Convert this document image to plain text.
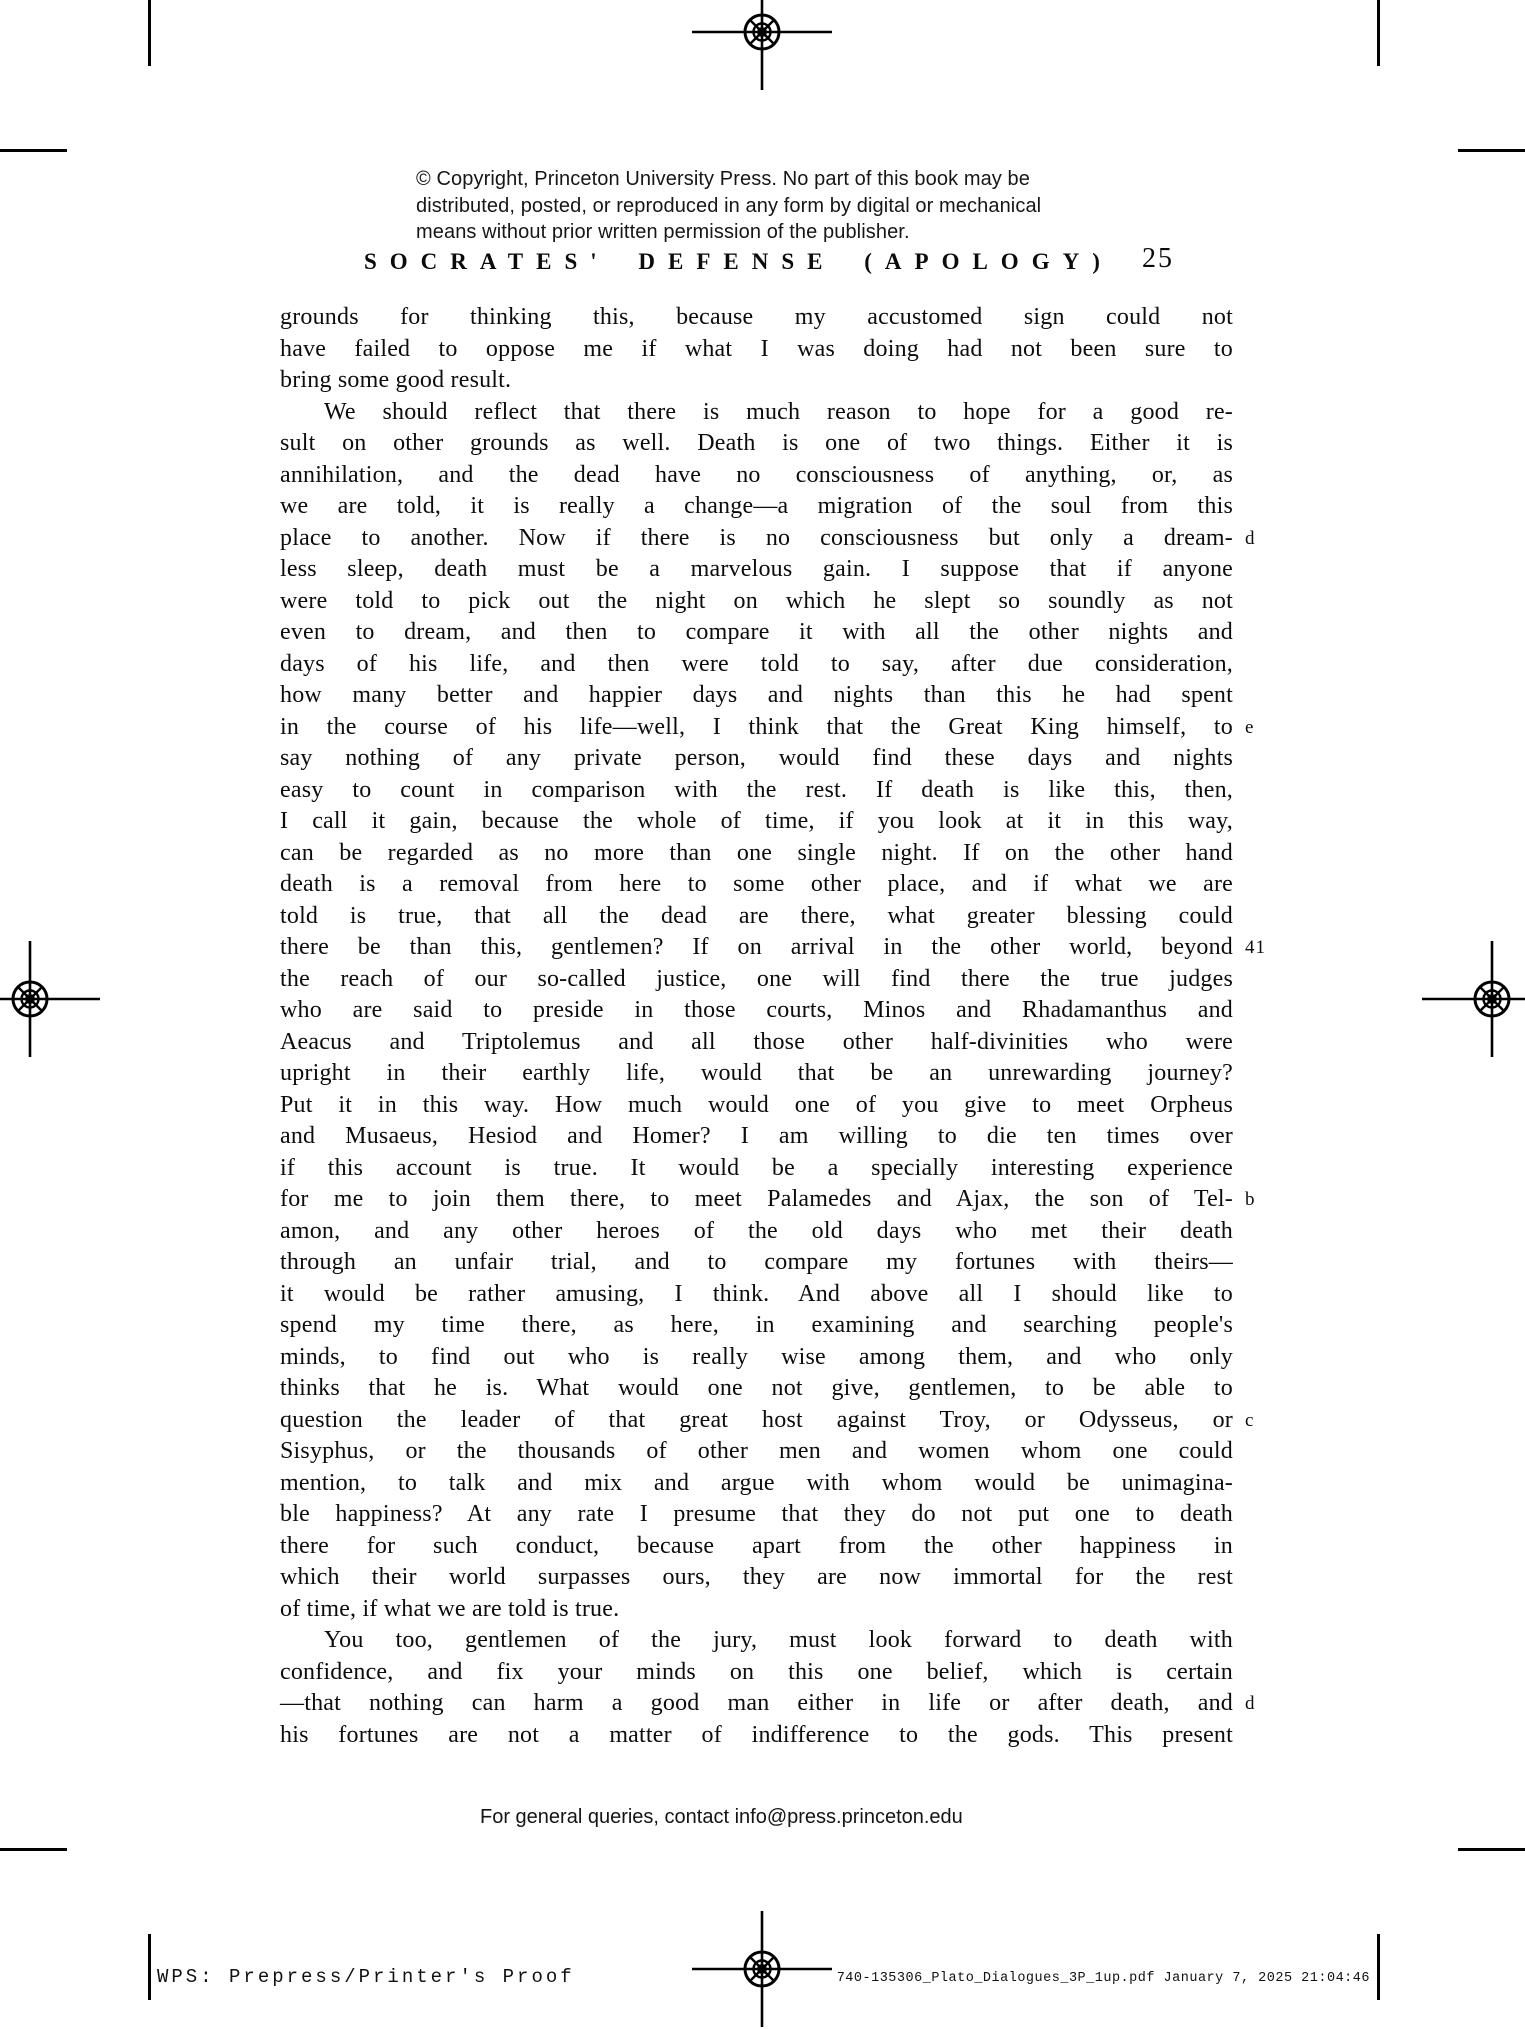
© Copyright, Princeton University Press. No part of this book may be
distributed, posted, or reproduced in any form by digital or mechanical
means without prior written permission of the publisher.
SOCRATES' DEFENSE (APOLOGY) 25
grounds for thinking this, because my accustomed sign could not
have failed to oppose me if what I was doing had not been sure to
bring some good result.
We should reflect that there is much reason to hope for a good re-
sult on other grounds as well. Death is one of two things. Either it is
annihilation, and the dead have no consciousness of anything, or, as
we are told, it is really a change—a migration of the soul from this
place to another. Now if there is no consciousness but only a dream- d
less sleep, death must be a marvelous gain. I suppose that if anyone
were told to pick out the night on which he slept so soundly as not
even to dream, and then to compare it with all the other nights and
days of his life, and then were told to say, after due consideration,
how many better and happier days and nights than this he had spent
in the course of his life—well, I think that the Great King himself, to e
say nothing of any private person, would find these days and nights
easy to count in comparison with the rest. If death is like this, then,
I call it gain, because the whole of time, if you look at it in this way,
can be regarded as no more than one single night. If on the other hand
death is a removal from here to some other place, and if what we are
told is true, that all the dead are there, what greater blessing could
there be than this, gentlemen? If on arrival in the other world, beyond 41
the reach of our so-called justice, one will find there the true judges
who are said to preside in those courts, Minos and Rhadamanthus and
Aeacus and Triptolemus and all those other half-divinities who were
upright in their earthly life, would that be an unrewarding journey?
Put it in this way. How much would one of you give to meet Orpheus
and Musaeus, Hesiod and Homer? I am willing to die ten times over
if this account is true. It would be a specially interesting experience
for me to join them there, to meet Palamedes and Ajax, the son of Tel- b
amon, and any other heroes of the old days who met their death
through an unfair trial, and to compare my fortunes with theirs—
it would be rather amusing, I think. And above all I should like to
spend my time there, as here, in examining and searching people's
minds, to find out who is really wise among them, and who only
thinks that he is. What would one not give, gentlemen, to be able to
question the leader of that great host against Troy, or Odysseus, or c
Sisyphus, or the thousands of other men and women whom one could
mention, to talk and mix and argue with whom would be unimagina-
ble happiness? At any rate I presume that they do not put one to death
there for such conduct, because apart from the other happiness in
which their world surpasses ours, they are now immortal for the rest
of time, if what we are told is true.
You too, gentlemen of the jury, must look forward to death with
confidence, and fix your minds on this one belief, which is certain
—that nothing can harm a good man either in life or after death, and d
his fortunes are not a matter of indifference to the gods. This present
For general queries, contact info@press.princeton.edu
WPS: Prepress/Printer's Proof	740-135306_Plato_Dialogues_3P_1up.pdf January 7, 2025 21:04:46
